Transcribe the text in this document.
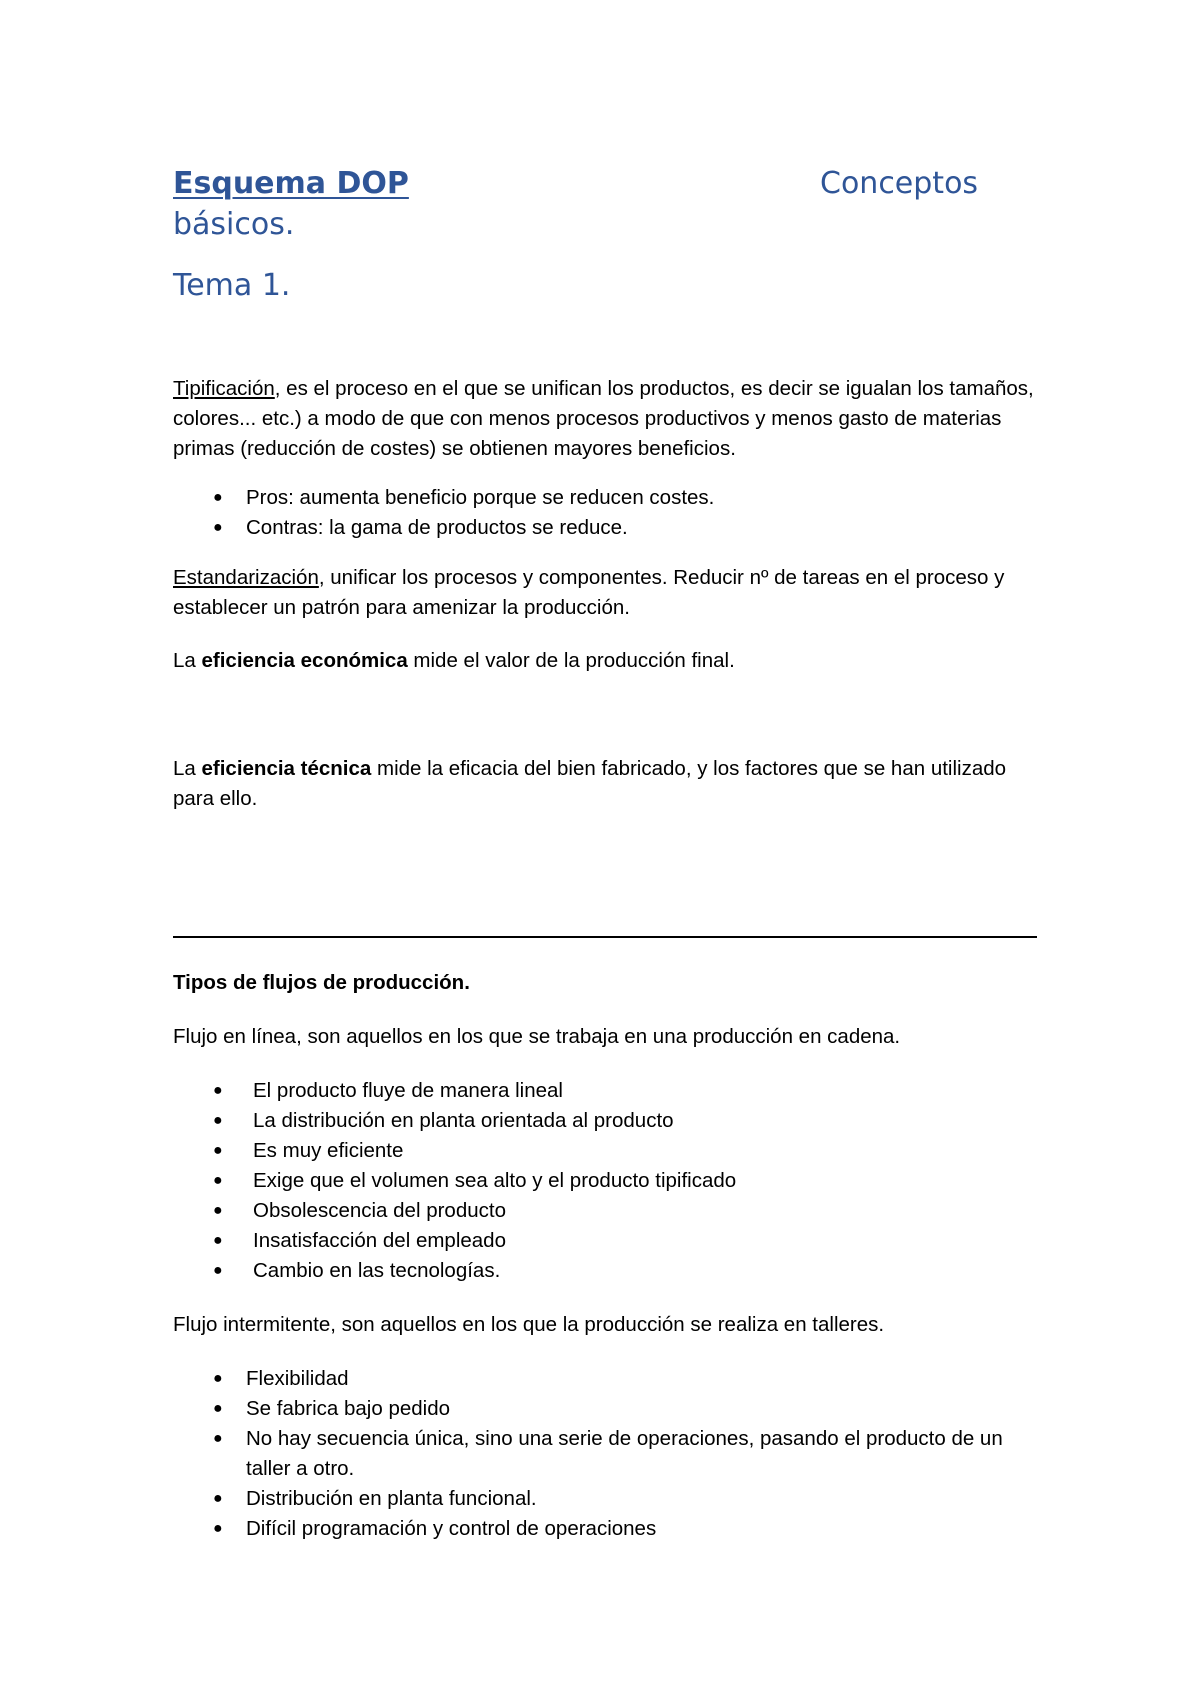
Esquema DOP	Conceptos
básicos.
Tema 1.

Tipificación, es el proceso en el que se unifican los productos, es decir se igualan los tamaños, colores... etc.) a modo de que con menos procesos productivos y menos gasto de materias primas (reducción de costes) se obtienen mayores beneficios.

● Pros: aumenta beneficio porque se reducen costes.
● Contras: la gama de productos se reduce.

Estandarización, unificar los procesos y componentes. Reducir nº de tareas en el proceso y establecer un patrón para amenizar la producción.

La eficiencia económica mide el valor de la producción final.

La eficiencia técnica mide la eficacia del bien fabricado, y los factores que se han utilizado para ello.

Tipos de flujos de producción.

Flujo en línea, son aquellos en los que se trabaja en una producción en cadena.

● El producto fluye de manera lineal
● La distribución en planta orientada al producto
● Es muy eficiente
● Exige que el volumen sea alto y el producto tipificado
● Obsolescencia del producto
● Insatisfacción del empleado
● Cambio en las tecnologías.

Flujo intermitente, son aquellos en los que la producción se realiza en talleres.

● Flexibilidad
● Se fabrica bajo pedido
● No hay secuencia única, sino una serie de operaciones, pasando el producto de un taller a otro.
● Distribución en planta funcional.
● Difícil programación y control de operaciones
